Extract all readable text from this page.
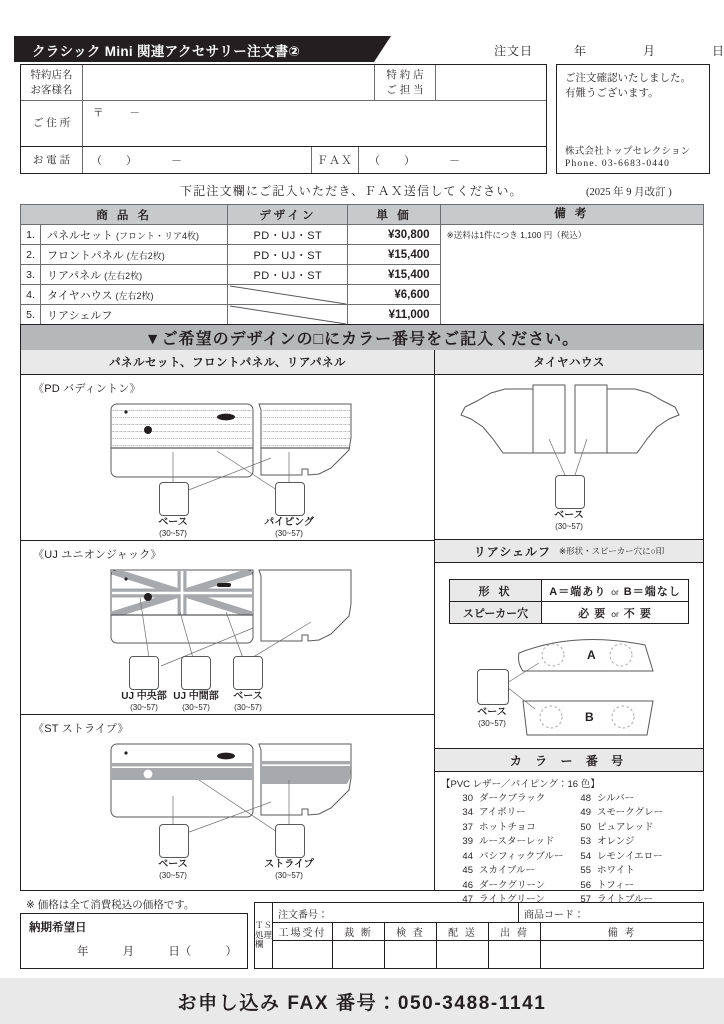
クラシック Mini 関連アクセサリー注文書②	注文日	年	月	日
特約店名
お客様名
特 約 店
ご 担 当
ご 住 所
〒 －
お 電 話	（ ）	－	ＦＡＸ	（ ）	－
ご注文確認いたしました。
有難うございます。
株式会社トップセレクション
Phone. 03-6683-0440
下記注文欄にご記入いただき、ＦＡＸ送信してください。	(2025 年 9 月改訂 )
商 品 名		デザイン	単 価	備 考
1.	パネルセット (フロント・リア4枚)	PD・UJ・ST	¥30,800	※送料は1件につき 1,100 円（税込）
2.	フロントパネル (左右2枚)	PD・UJ・ST	¥15,400	
3.	リアパネル (左右2枚)	PD・UJ・ST	¥15,400	
4.	タイヤハウス (左右2枚)		¥6,600	
5.	リアシェルフ		¥11,000	
▼ご希望のデザインの□にカラー番号をご記入ください。
パネルセット、フロントパネル、リアパネル
《PD バディントン》
ベース
(30~57)
パイピング
(30~57)
《UJ ユニオンジャック》
UJ 中央部
(30~57)
UJ 中間部
(30~57)
ベース
(30~57)
《ST ストライプ》
ベース
(30~57)
ストライプ
(30~57)
タイヤハウス
ベース
(30~57)
リアシェルフ ※形状・スピーカー穴に○印
形 状	A＝端あり or B＝端なし
スピーカー穴	必 要 or 不 要
A
B
ベース
(30~57)
カ ラ ー 番 号
【PVC レザー／パイピング：16 色】
30 ダークブラック
34 アイボリー
37 ホットチョコ
39 ルースターレッド
44 パシフィックブルー
45 スカイブルー
46 ダークグリーン
47 ライトグリーン
48 シルバー
49 スモークグレー
50 ピュアレッド
53 オレンジ
54 レモンイエロー
55 ホワイト
56 トフィー
57 ライトブルー
※ 価格は全て消費税込の価格です。
納期希望日
年	月	日（	）
ＴＳ処理欄
注文番号：	商品コード：
工場受付	裁 断	検 査	配 送	出 荷	備 考
お申し込み FAX 番号：050-3488-1141
